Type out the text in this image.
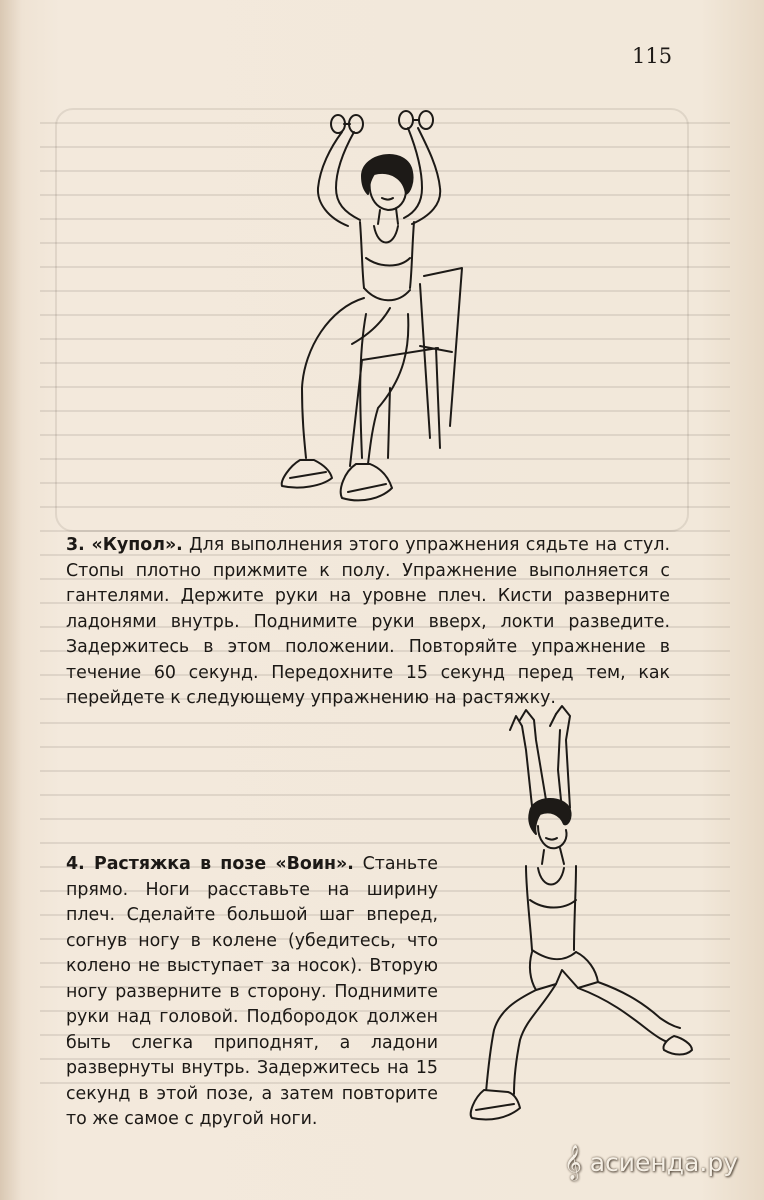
115
3. «Купол». Для выполнения этого упражнения сядьте на стул. Стопы плотно прижмите к полу. Упражнение выполняется с гантелями. Держите руки на уровне плеч. Кисти разверните ладонями внутрь. Поднимите руки вверх, локти разведите. Задержитесь в этом положении. Повторяйте упражнение в течение 60 секунд. Передохните 15 секунд перед тем, как перейдете к следующему упражнению на растяжку.
4. Растяжка в позе «Воин». Станьте прямо. Ноги расставьте на ширину плеч. Сделайте большой шаг вперед, согнув ногу в колене (убедитесь, что колено не выступает за носок). Вторую ногу разверните в сторону. Поднимите руки над головой. Подбородок должен быть слегка приподнят, а ладони развернуты внутрь. Задержитесь на 15 секунд в этой позе, а затем повторите то же самое с другой ноги.
𝄞 асиенда.ру
